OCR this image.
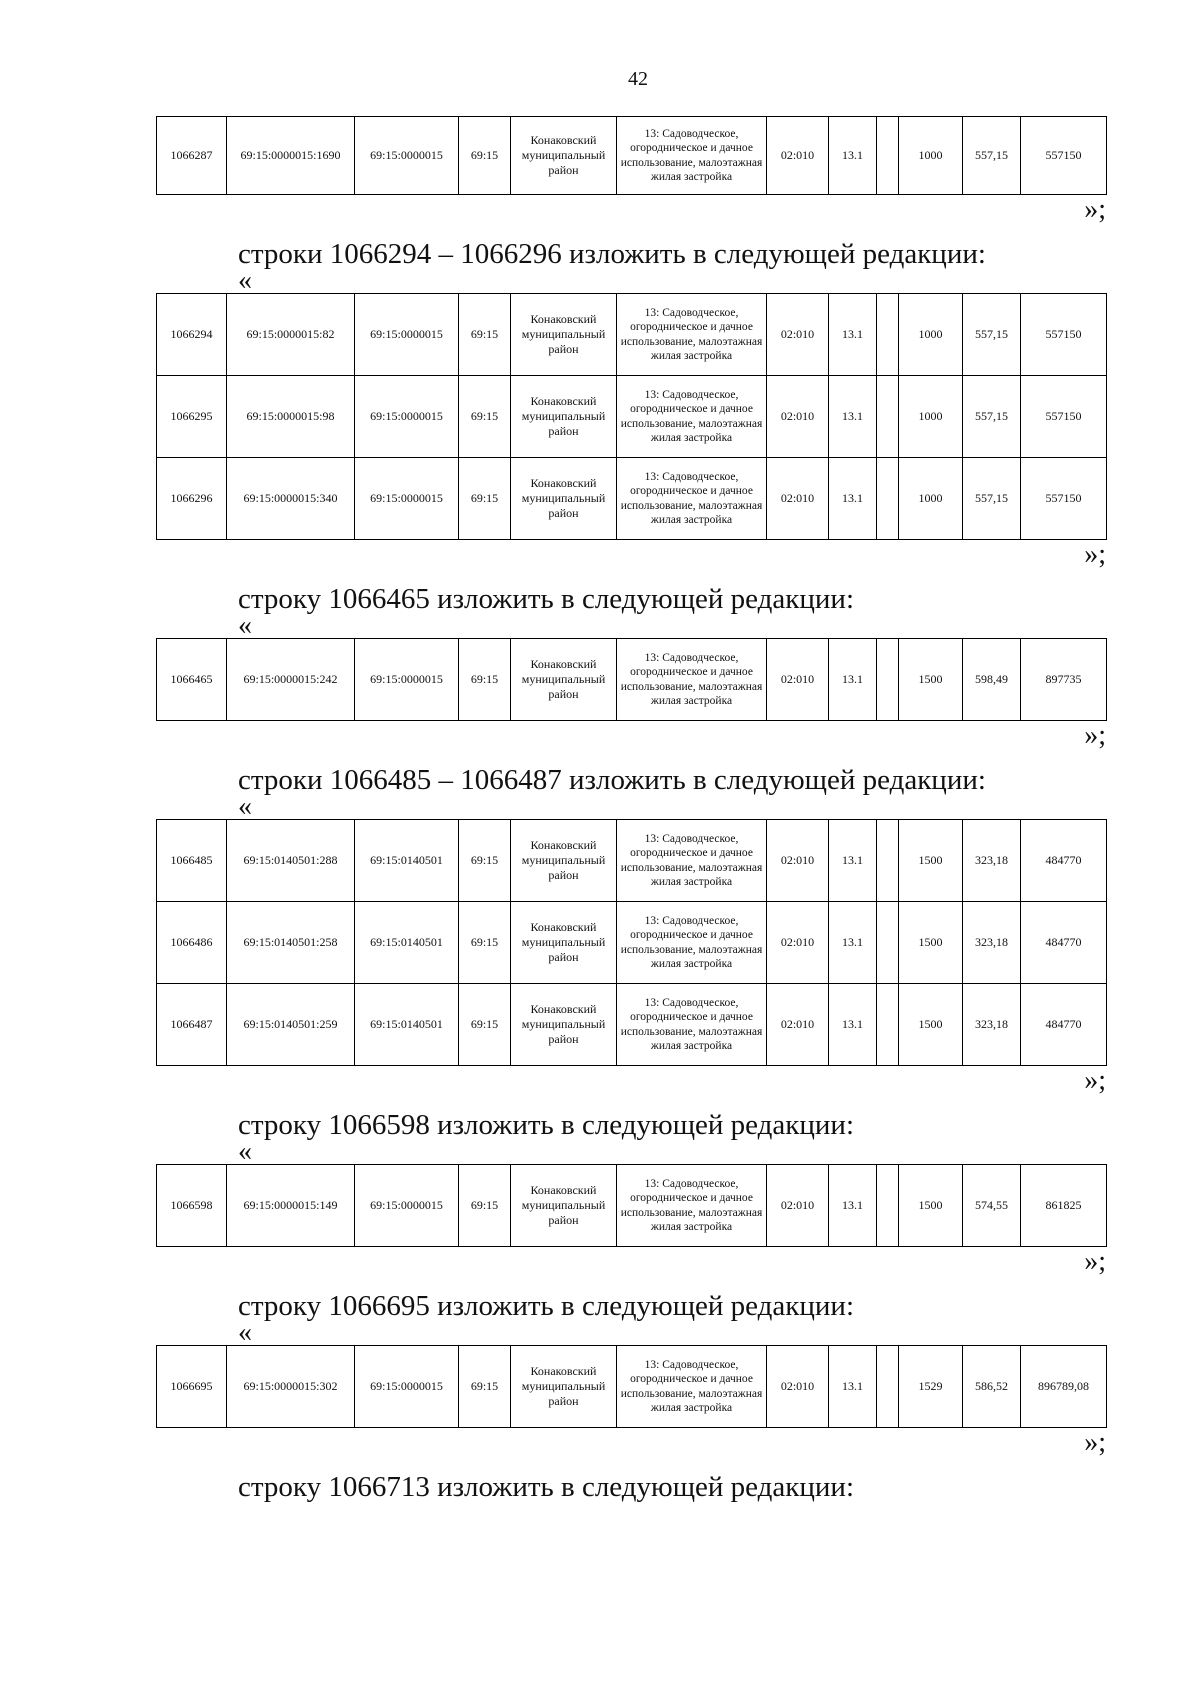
42
1066287	69:15:0000015:1690	69:15:0000015	69:15	Конаковский муниципальный район	13: Садоводческое, огородническое и дачное использование, малоэтажная жилая застройка	02:010	13.1		1000	557,15	557150
»;
строки 1066294 – 1066296 изложить в следующей редакции:
«
1066294	69:15:0000015:82	69:15:0000015	69:15	Конаковский муниципальный район	13: Садоводческое, огородническое и дачное использование, малоэтажная жилая застройка	02:010	13.1		1000	557,15	557150
1066295	69:15:0000015:98	69:15:0000015	69:15	Конаковский муниципальный район	13: Садоводческое, огородническое и дачное использование, малоэтажная жилая застройка	02:010	13.1		1000	557,15	557150
1066296	69:15:0000015:340	69:15:0000015	69:15	Конаковский муниципальный район	13: Садоводческое, огородническое и дачное использование, малоэтажная жилая застройка	02:010	13.1		1000	557,15	557150
»;
строку 1066465 изложить в следующей редакции:
«
1066465	69:15:0000015:242	69:15:0000015	69:15	Конаковский муниципальный район	13: Садоводческое, огородническое и дачное использование, малоэтажная жилая застройка	02:010	13.1		1500	598,49	897735
»;
строки 1066485 – 1066487 изложить в следующей редакции:
«
1066485	69:15:0140501:288	69:15:0140501	69:15	Конаковский муниципальный район	13: Садоводческое, огородническое и дачное использование, малоэтажная жилая застройка	02:010	13.1		1500	323,18	484770
1066486	69:15:0140501:258	69:15:0140501	69:15	Конаковский муниципальный район	13: Садоводческое, огородническое и дачное использование, малоэтажная жилая застройка	02:010	13.1		1500	323,18	484770
1066487	69:15:0140501:259	69:15:0140501	69:15	Конаковский муниципальный район	13: Садоводческое, огородническое и дачное использование, малоэтажная жилая застройка	02:010	13.1		1500	323,18	484770
»;
строку 1066598 изложить в следующей редакции:
«
1066598	69:15:0000015:149	69:15:0000015	69:15	Конаковский муниципальный район	13: Садоводческое, огородническое и дачное использование, малоэтажная жилая застройка	02:010	13.1		1500	574,55	861825
»;
строку 1066695 изложить в следующей редакции:
«
1066695	69:15:0000015:302	69:15:0000015	69:15	Конаковский муниципальный район	13: Садоводческое, огородническое и дачное использование, малоэтажная жилая застройка	02:010	13.1		1529	586,52	896789,08
»;
строку 1066713 изложить в следующей редакции:
